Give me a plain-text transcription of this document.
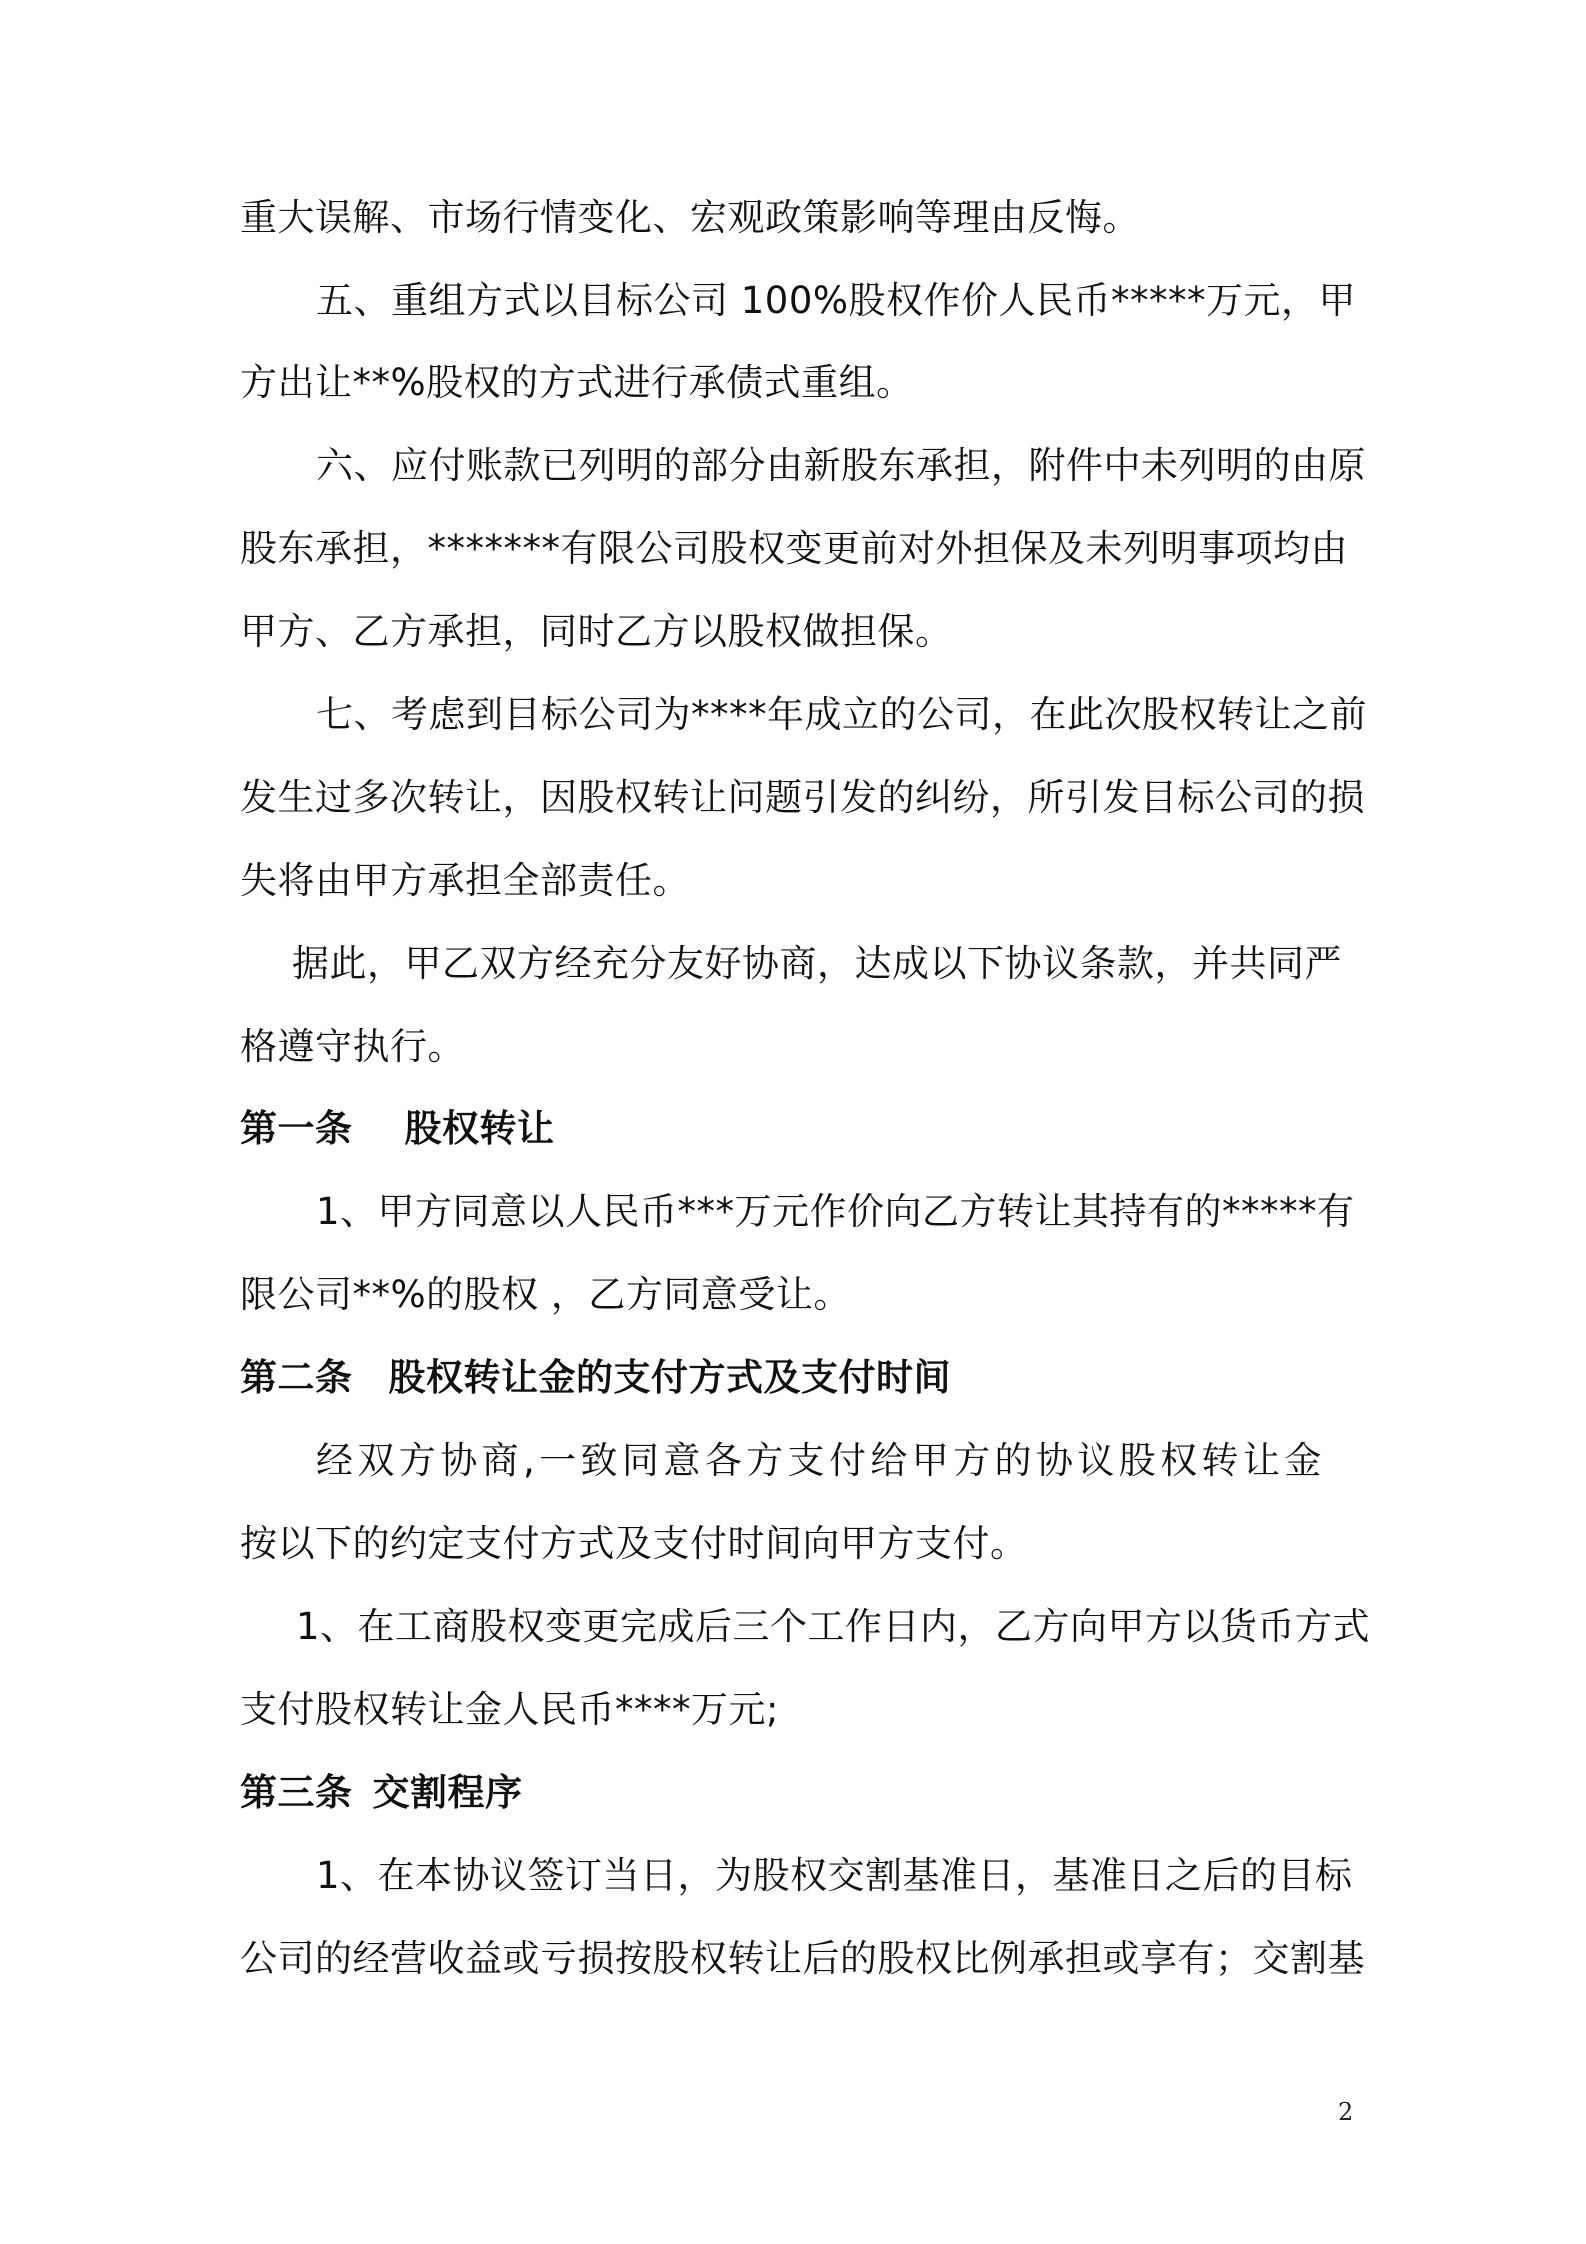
重大误解、市场行情变化、宏观政策影响等理由反悔。
五、重组方式以目标公司 100%股权作价人民币*****万元，甲
方出让**%股权的方式进行承债式重组。
六、应付账款已列明的部分由新股东承担，附件中未列明的由原
股东承担，*******有限公司股权变更前对外担保及未列明事项均由
甲方、乙方承担，同时乙方以股权做担保。
七、考虑到目标公司为****年成立的公司，在此次股权转让之前
发生过多次转让，因股权转让问题引发的纠纷，所引发目标公司的损
失将由甲方承担全部责任。
据此，甲乙双方经充分友好协商，达成以下协议条款，并共同严
格遵守执行。
第一条 股权转让
1、甲方同意以人民币***万元作价向乙方转让其持有的*****有
限公司**%的股权 ，乙方同意受让。
第二条 股权转让金的支付方式及支付时间
经双方协商,一致同意各方支付给甲方的协议股权转让金
按以下的约定支付方式及支付时间向甲方支付。
1、在工商股权变更完成后三个工作日内，乙方向甲方以货币方式
支付股权转让金人民币****万元;
第三条 交割程序
1、在本协议签订当日，为股权交割基准日，基准日之后的目标
公司的经营收益或亏损按股权转让后的股权比例承担或享有；交割基
2
